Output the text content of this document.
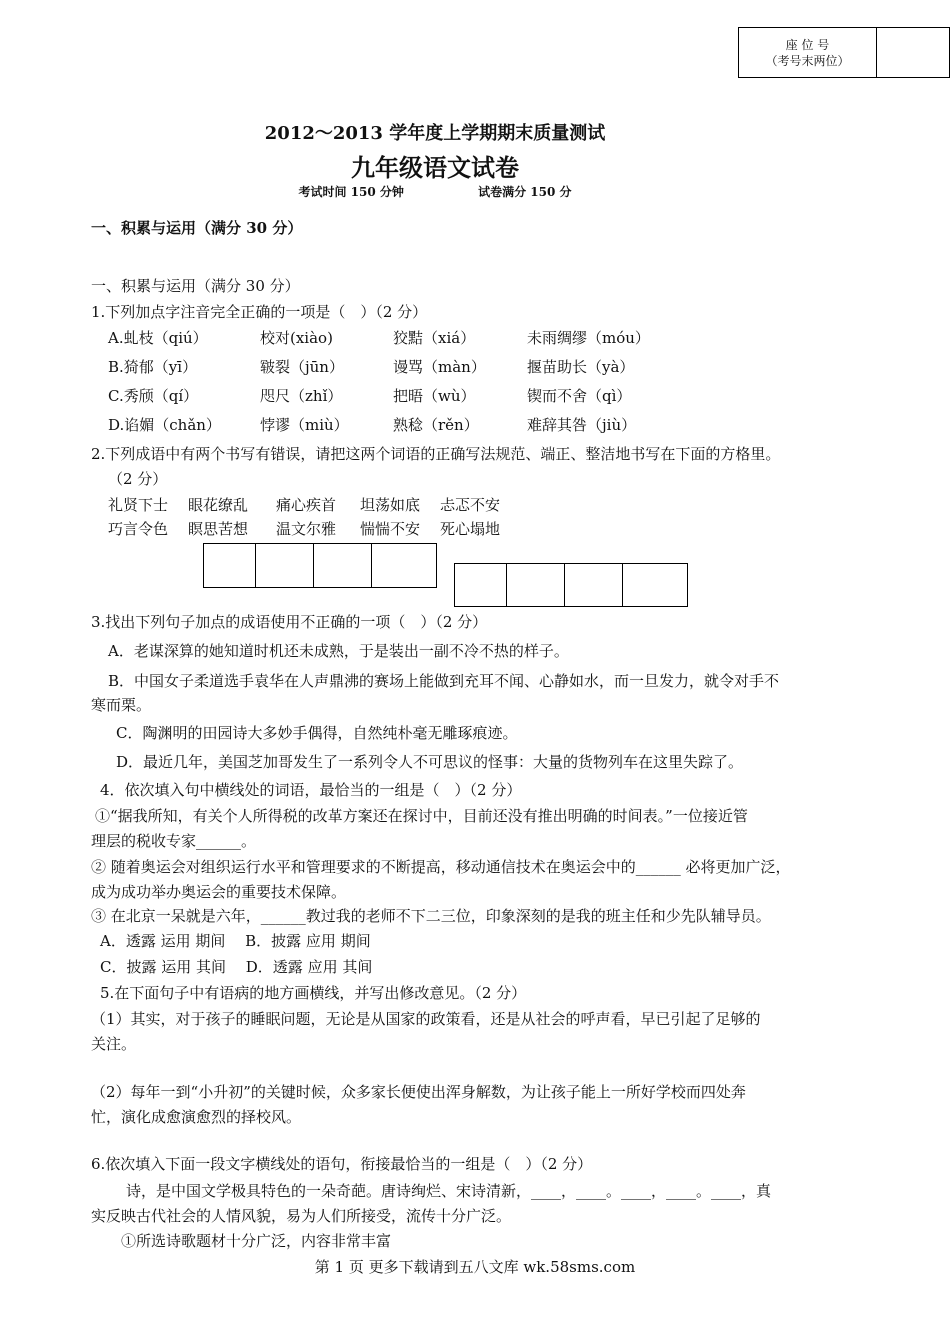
座 位 号
（考号末两位）
2012～2013 学年度上学期期末质量测试
九年级语文试卷
考试时间 150 分钟	试卷满分 150 分
一、积累与运用（满分 30 分）
一、积累与运用（满分 30 分）
1.下列加点字注音完全正确的一项是（　）（2 分）
A.虬枝（qiú）	校对(xiào)	狡黠（xiá）	未雨绸缪（móu）
B.猗郁（yī）	皲裂（jūn）	谩骂（màn）	揠苗助长（yà）
C.秀颀（qí）	咫尺（zhǐ）	把晤（wù）	锲而不舍（qì）
D.谄媚（chǎn）	悖谬（miù）	熟稔（rěn）	难辞其咎（jiù）
2.下列成语中有两个书写有错误，请把这两个词语的正确写法规范、端正、整洁地书写在下面的方格里。
（2 分）
礼贤下士 眼花缭乱 痛心疾首 坦荡如底 忐忑不安
巧言令色 瞑思苦想 温文尔雅 惴惴不安 死心塌地
3.找出下列句子加点的成语使用不正确的一项（　）（2 分）
A．老谋深算的她知道时机还未成熟，于是装出一副不冷不热的样子。
B．中国女子柔道选手袁华在人声鼎沸的赛场上能做到充耳不闻、心静如水，而一旦发力，就令对手不
寒而栗。
C．陶渊明的田园诗大多妙手偶得，自然纯朴毫无雕琢痕迹。
D．最近几年，美国芝加哥发生了一系列令人不可思议的怪事：大量的货物列车在这里失踪了。
4．依次填入句中横线处的词语，最恰当的一组是（　）（2 分）
①“据我所知，有关个人所得税的改革方案还在探讨中，目前还没有推出明确的时间表。”一位接近管
理层的税收专家______。
② 随着奥运会对组织运行水平和管理要求的不断提高，移动通信技术在奥运会中的______ 必将更加广泛，
成为成功举办奥运会的重要技术保障。
③ 在北京一呆就是六年，______教过我的老师不下二三位，印象深刻的是我的班主任和少先队辅导员。
A．透露 运用 期间　 B．披露 应用 期间
C．披露 运用 其间　 D．透露 应用 其间
5.在下面句子中有语病的地方画横线，并写出修改意见。（2 分）
（1）其实，对于孩子的睡眠问题，无论是从国家的政策看，还是从社会的呼声看，早已引起了足够的
关注。
（2）每年一到“小升初”的关键时候，众多家长便使出浑身解数，为让孩子能上一所好学校而四处奔
忙，演化成愈演愈烈的择校风。
6.依次填入下面一段文字横线处的语句，衔接最恰当的一组是（　）（2 分）
诗，是中国文学极具特色的一朵奇葩。唐诗绚烂、宋诗清新，____，____。____，____。____，真
实反映古代社会的人情风貌，易为人们所接受，流传十分广泛。
①所选诗歌题材十分广泛，内容非常丰富
第 1 页 更多下载请到五八文库 wk.58sms.com
